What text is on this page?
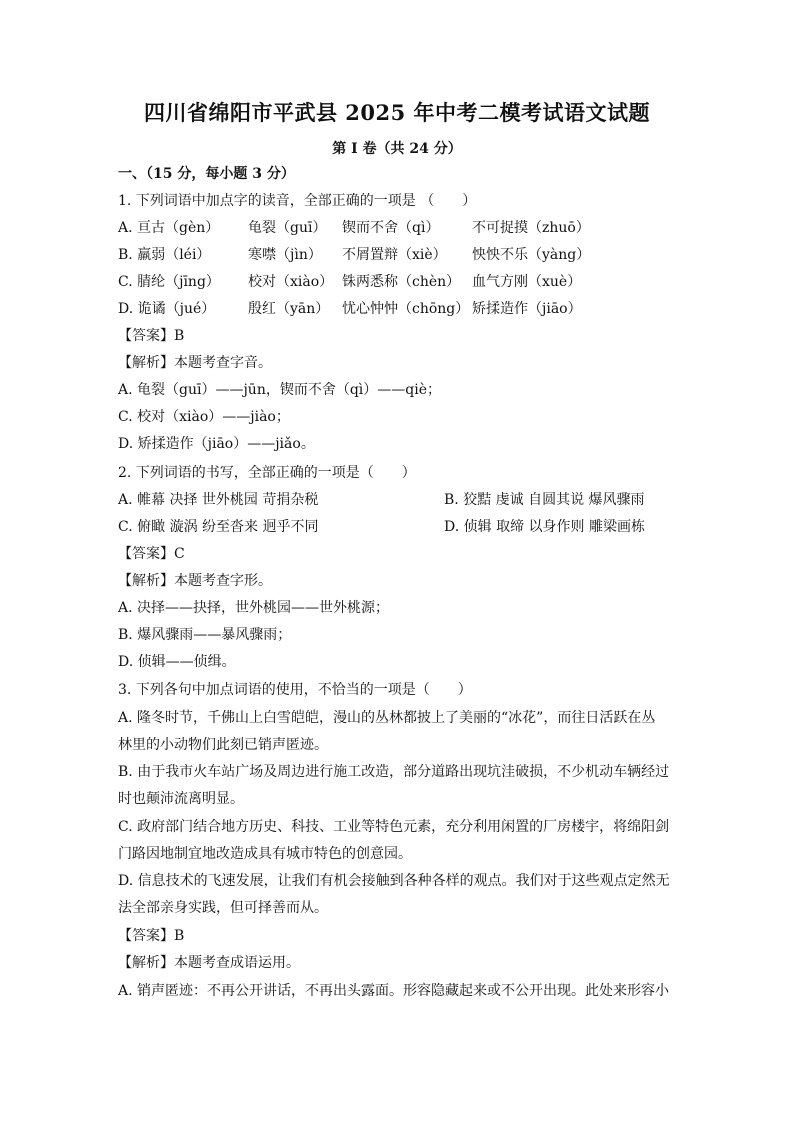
四川省绵阳市平武县 2025 年中考二模考试语文试题
第 I 卷（共 24 分）
一、（15 分，每小题 3 分）
1. 下列词语中加点字的读音，全部正确的一项是 （　　）
A. 亘古（gèn） 龟裂（guī） 锲而不舍（qì） 不可捉摸（zhuō）
B. 羸弱（léi）	寒噤（jìn） 不屑置辩（xiè） 怏怏不乐（yàng）
C. 腈纶（jīng） 校对（xiào） 铢两悉称（chèn） 血气方刚（xuè）
D. 诡谲（jué） 殷红（yān） 忧心忡忡（chōng） 矫揉造作（jiāo）
【答案】B
【解析】本题考查字音。
A. 龟裂（guī）——jūn，锲而不舍（qì）——qiè；
C. 校对（xiào）——jiào；
D. 矫揉造作（jiāo）——jiǎo。
2. 下列词语的书写，全部正确的一项是（　　）
A. 帷幕 决择 世外桃园 苛捐杂税	B. 狡黠 虔诚 自圆其说 爆风骤雨
C. 俯瞰 漩涡 纷至沓来 迥乎不同	D. 侦辑 取缔 以身作则 雕梁画栋
【答案】C
【解析】本题考查字形。
A. 决择——抉择，世外桃园——世外桃源；
B. 爆风骤雨——暴风骤雨；
D. 侦辑——侦缉。
3. 下列各句中加点词语的使用，不恰当的一项是（　　）
A. 隆冬时节，千佛山上白雪皑皑，漫山的丛林都披上了美丽的“冰花”，而往日活跃在丛
林里的小动物们此刻已销声匿迹。
B. 由于我市火车站广场及周边进行施工改造，部分道路出现坑洼破损，不少机动车辆经过
时也颠沛流离明显。
C. 政府部门结合地方历史、科技、工业等特色元素，充分利用闲置的厂房楼宇，将绵阳剑
门路因地制宜地改造成具有城市特色的创意园。
D. 信息技术的飞速发展，让我们有机会接触到各种各样的观点。我们对于这些观点定然无
法全部亲身实践，但可择善而从。
【答案】B
【解析】本题考查成语运用。
A. 销声匿迹：不再公开讲话，不再出头露面。形容隐藏起来或不公开出现。此处来形容小
